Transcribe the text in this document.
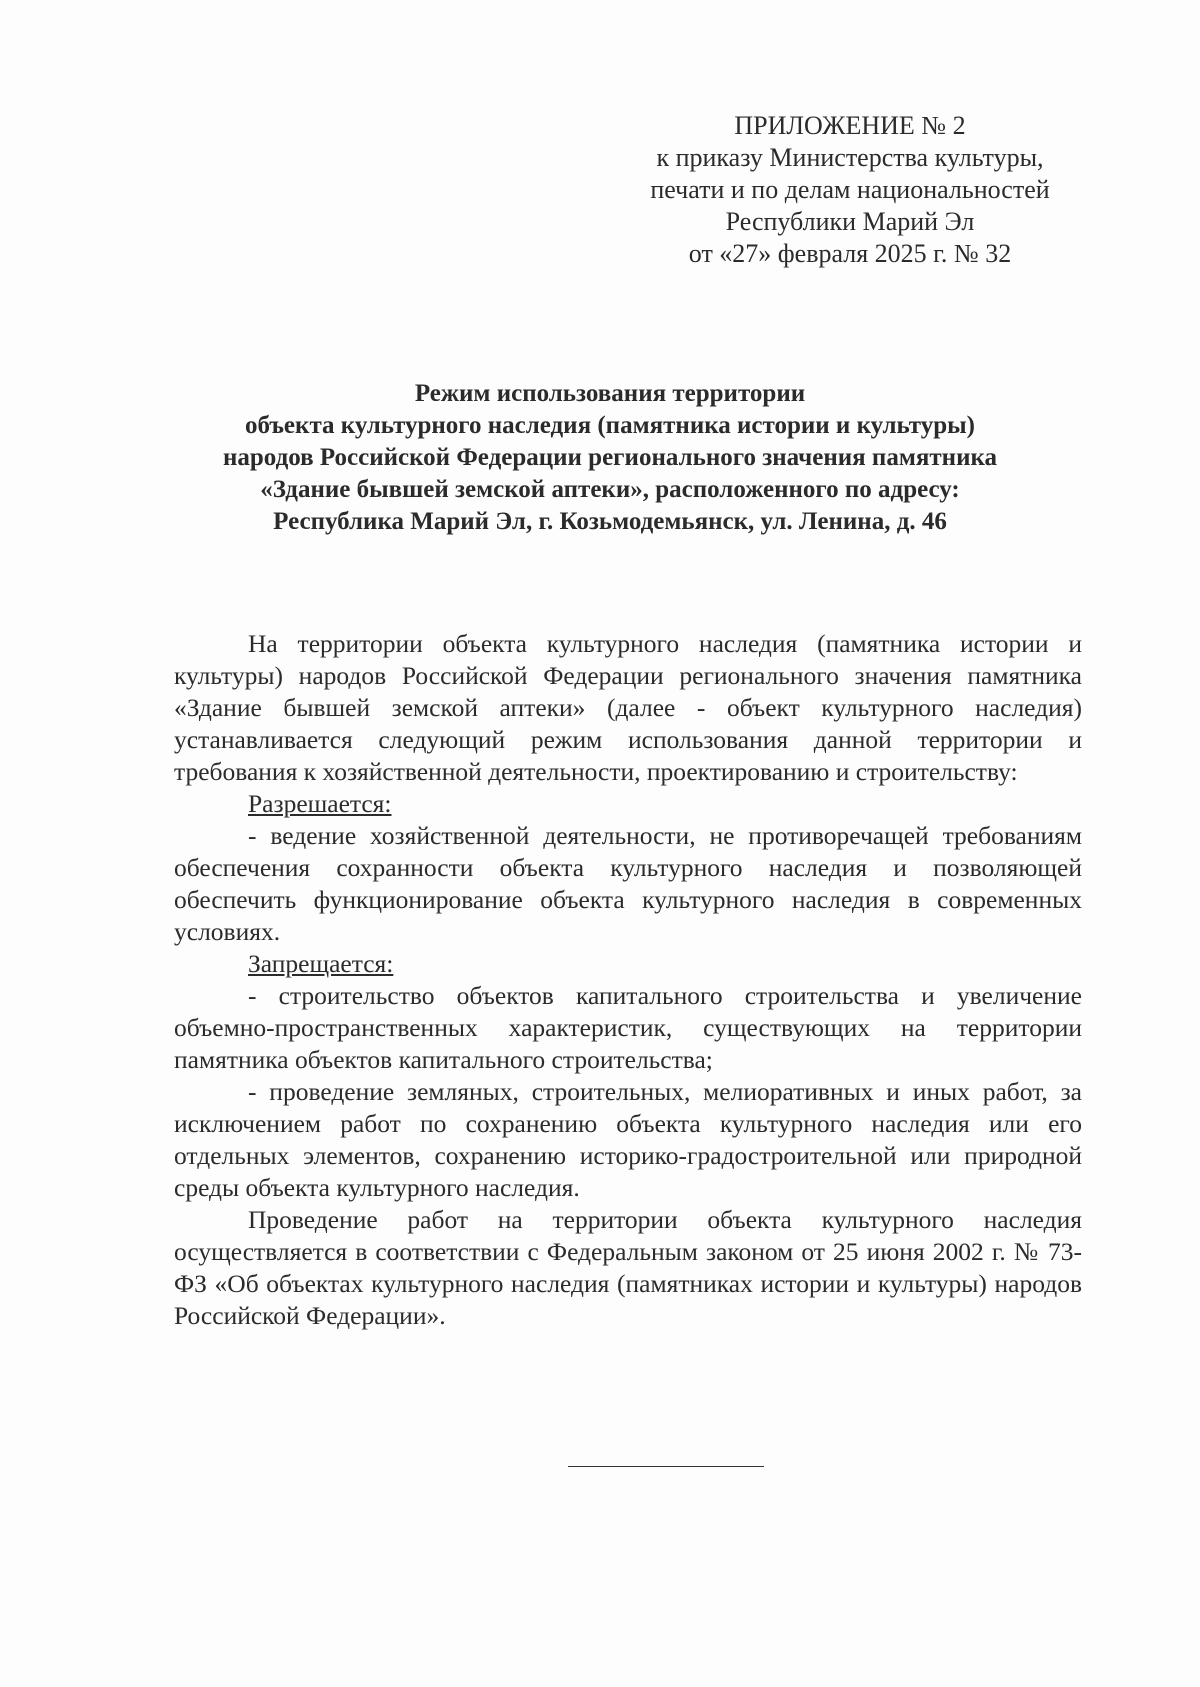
ПРИЛОЖЕНИЕ № 2
к приказу Министерства культуры,
печати и по делам национальностей
Республики Марий Эл
от «27» февраля 2025 г. № 32
Режим использования территории
объекта культурного наследия (памятника истории и культуры)
народов Российской Федерации регионального значения памятника
«Здание бывшей земской аптеки», расположенного по адресу:
Республика Марий Эл, г. Козьмодемьянск, ул. Ленина, д. 46

На территории объекта культурного наследия (памятника истории и культуры) народов Российской Федерации регионального значения памятника «Здание бывшей земской аптеки» (далее - объект культурного наследия) устанавливается следующий режим использования данной территории и требования к хозяйственной деятельности, проектированию и строительству:

Разрешается:

- ведение хозяйственной деятельности, не противоречащей требованиям обеспечения сохранности объекта культурного наследия и позволяющей обеспечить функционирование объекта культурного наследия в современных условиях.

Запрещается:

- строительство объектов капитального строительства и увеличение объемно-пространственных характеристик, существующих на территории памятника объектов капитального строительства;

- проведение земляных, строительных, мелиоративных и иных работ, за исключением работ по сохранению объекта культурного наследия или его отдельных элементов, сохранению историко-градостроительной или природной среды объекта культурного наследия.

Проведение работ на территории объекта культурного наследия осуществляется в соответствии с Федеральным законом от 25 июня 2002 г. № 73-ФЗ «Об объектах культурного наследия (памятниках истории и культуры) народов Российской Федерации».
